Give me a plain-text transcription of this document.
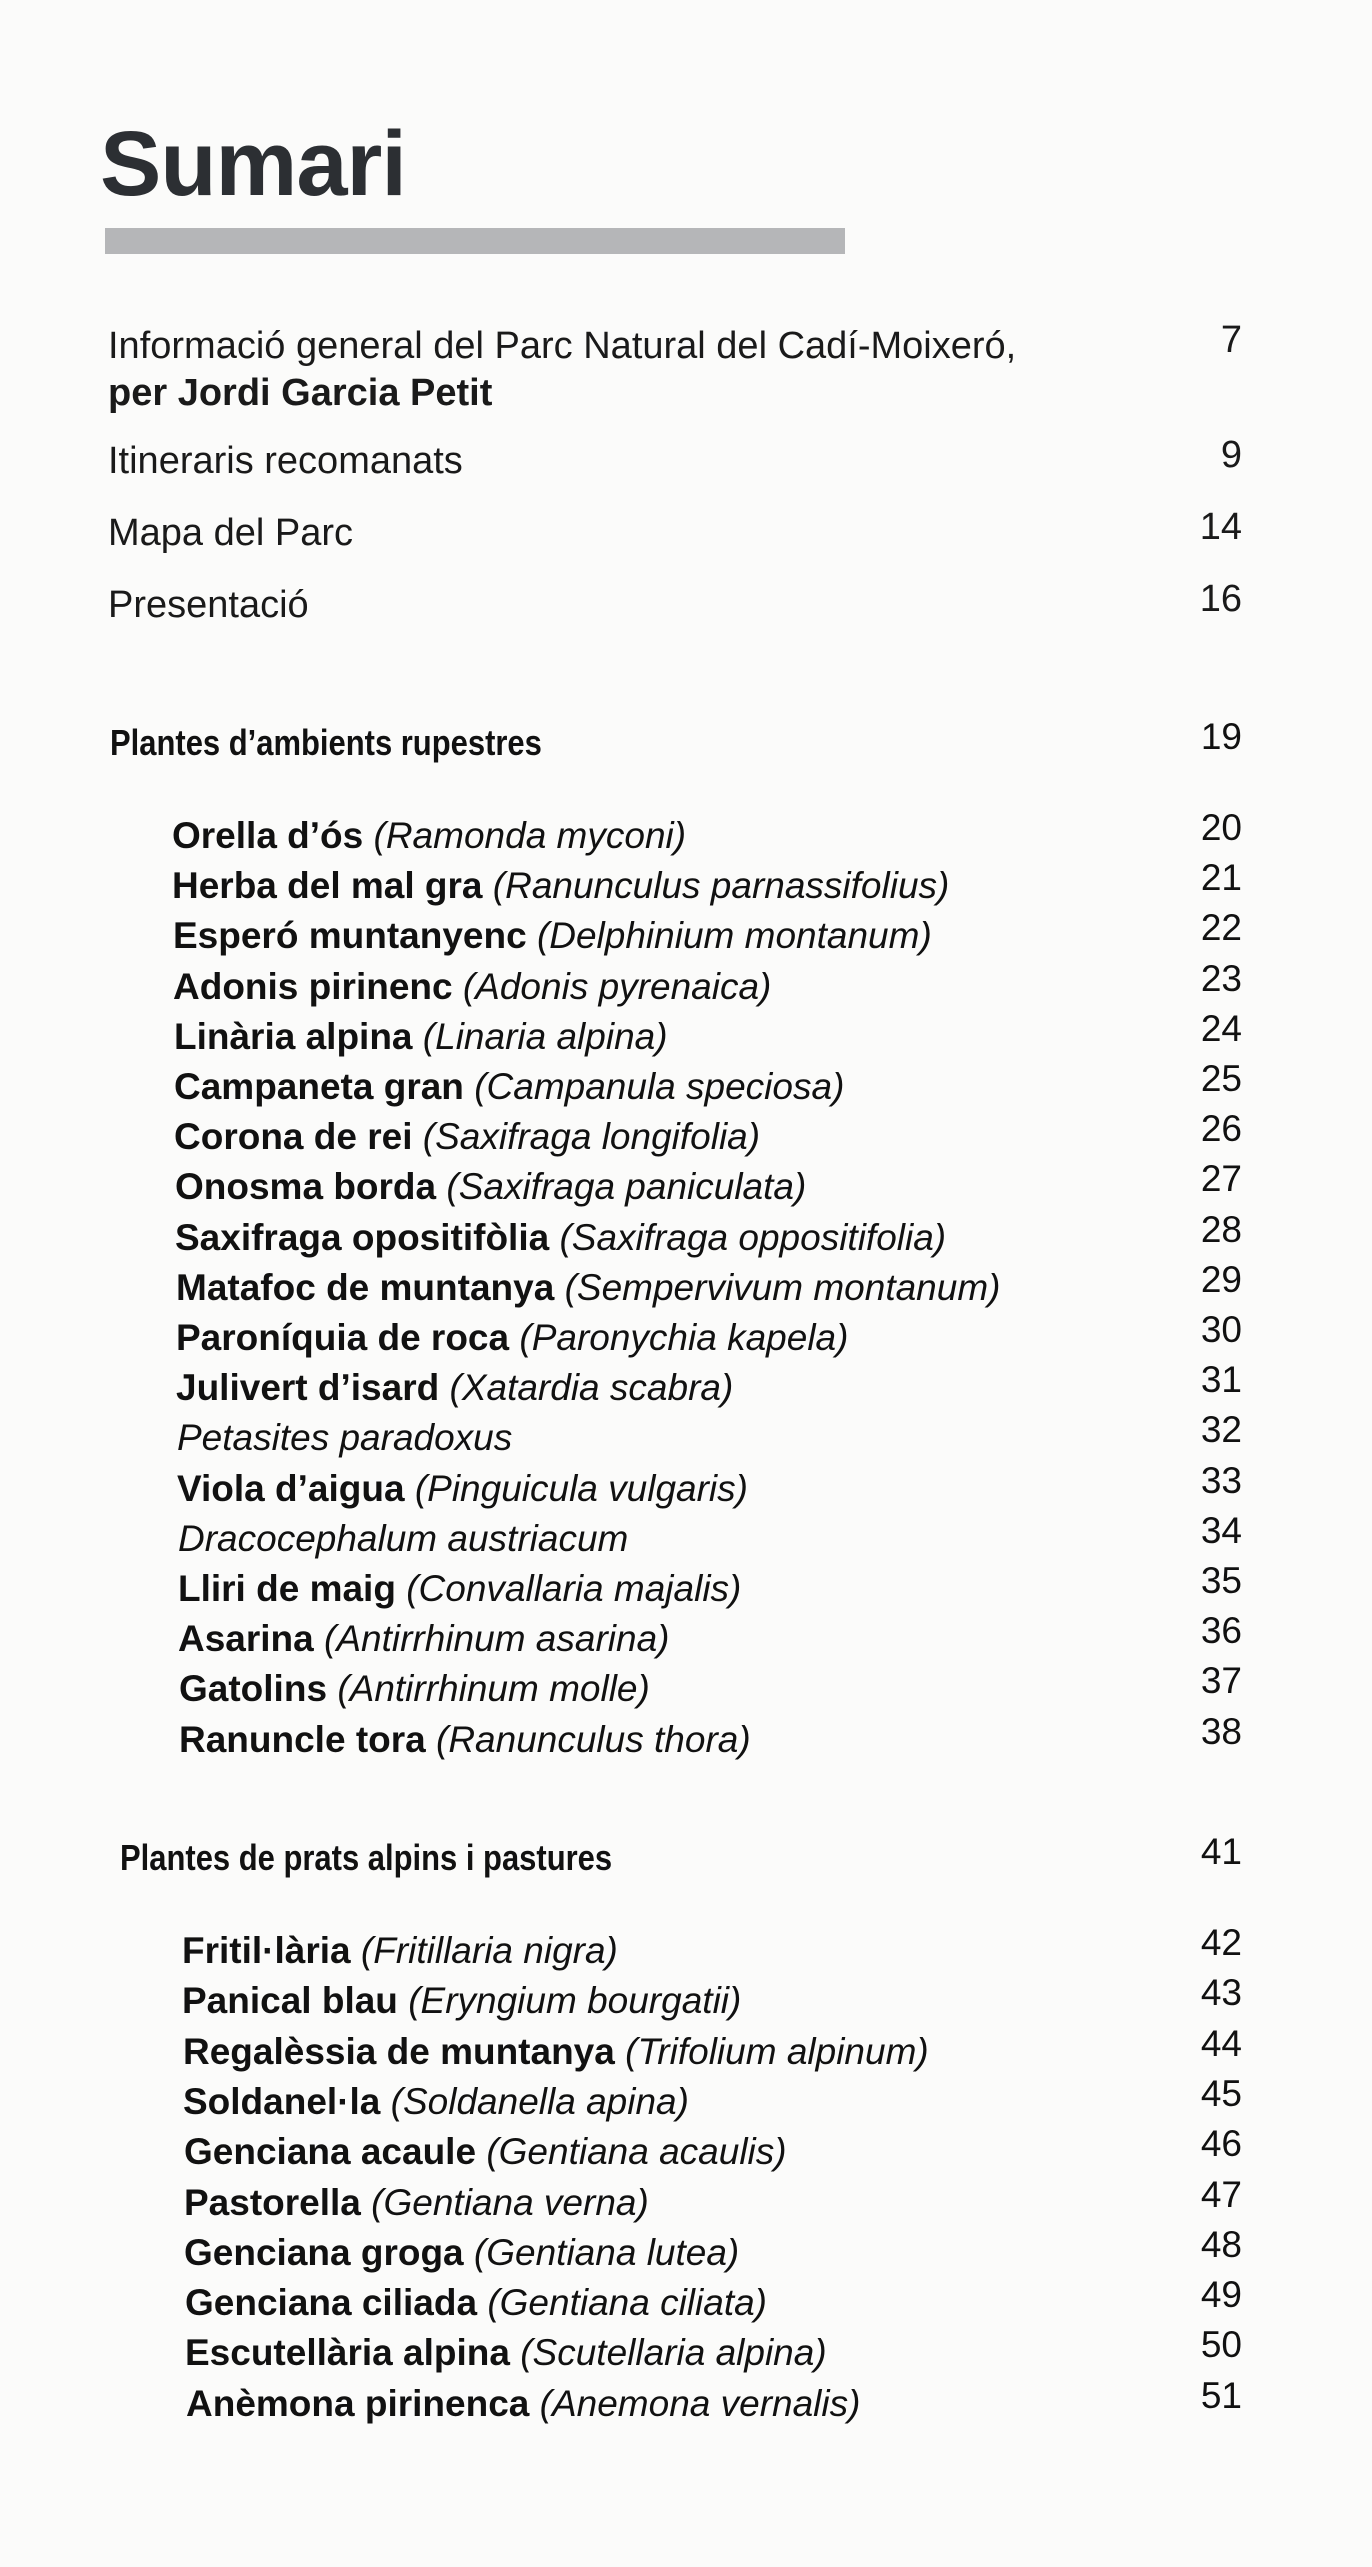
Sumari
Informació general del Parc Natural del Cadí-Moixeró,
per Jordi Garcia Petit
7
Itineraris recomanats	9
Mapa del Parc	14
Presentació	16
Plantes d’ambients rupestres	19
Orella d’ós (Ramonda myconi)	20
Herba del mal gra (Ranunculus parnassifolius)	21
Esperó muntanyenc (Delphinium montanum)	22
Adonis pirinenc (Adonis pyrenaica)	23
Linària alpina (Linaria alpina)	24
Campaneta gran (Campanula speciosa)	25
Corona de rei (Saxifraga longifolia)	26
Onosma borda (Saxifraga paniculata)	27
Saxifraga opositifòlia (Saxifraga oppositifolia)	28
Matafoc de muntanya (Sempervivum montanum)	29
Paroníquia de roca (Paronychia kapela)	30
Julivert d’isard (Xatardia scabra)	31
Petasites paradoxus	32
Viola d’aigua (Pinguicula vulgaris)	33
Dracocephalum austriacum	34
Lliri de maig (Convallaria majalis)	35
Asarina (Antirrhinum asarina)	36
Gatolins (Antirrhinum molle)	37
Ranuncle tora (Ranunculus thora)	38
Plantes de prats alpins i pastures	41
Fritil·lària (Fritillaria nigra)	42
Panical blau (Eryngium bourgatii)	43
Regalèssia de muntanya (Trifolium alpinum)	44
Soldanel·la (Soldanella apina)	45
Genciana acaule (Gentiana acaulis)	46
Pastorella (Gentiana verna)	47
Genciana groga (Gentiana lutea)	48
Genciana ciliada (Gentiana ciliata)	49
Escutellària alpina (Scutellaria alpina)	50
Anèmona pirinenca (Anemona vernalis)	51
